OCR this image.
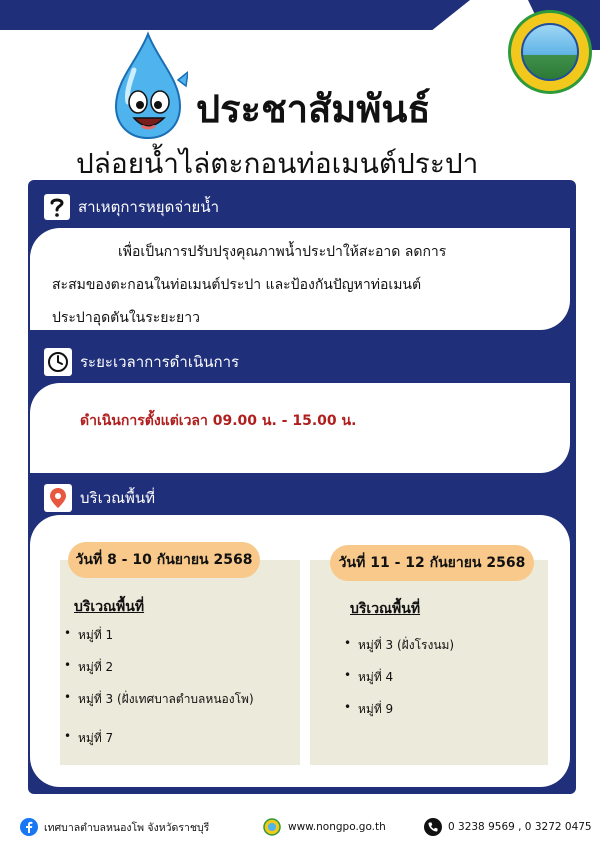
ประชาสัมพันธ์
ปล่อยน้ำไล่ตะกอนท่อเมนต์ประปา
สาเหตุการหยุดจ่ายน้ำ
เพื่อเป็นการปรับปรุงคุณภาพน้ำประปาให้สะอาด ลดการ
สะสมของตะกอนในท่อเมนต์ประปา และป้องกันปัญหาท่อเมนต์
ประปาอุดตันในระยะยาว
ระยะเวลาการดำเนินการ
ดำเนินการตั้งแต่เวลา 09.00 น. - 15.00 น.
บริเวณพื้นที่
วันที่ 8 - 10 กันยายน 2568	วันที่ 11 - 12 กันยายน 2568
บริเวณพื้นที่	บริเวณพื้นที่
• หมู่ที่ 1
• หมู่ที่ 2
• หมู่ที่ 3 (ฝั่งเทศบาลตำบลหนองโพ)
• หมู่ที่ 7
• หมู่ที่ 3 (ฝั่งโรงนม)
• หมู่ที่ 4
• หมู่ที่ 9
เทศบาลตำบลหนองโพ จังหวัดราชบุรี	www.nongpo.go.th	0 3238 9569 , 0 3272 0475
